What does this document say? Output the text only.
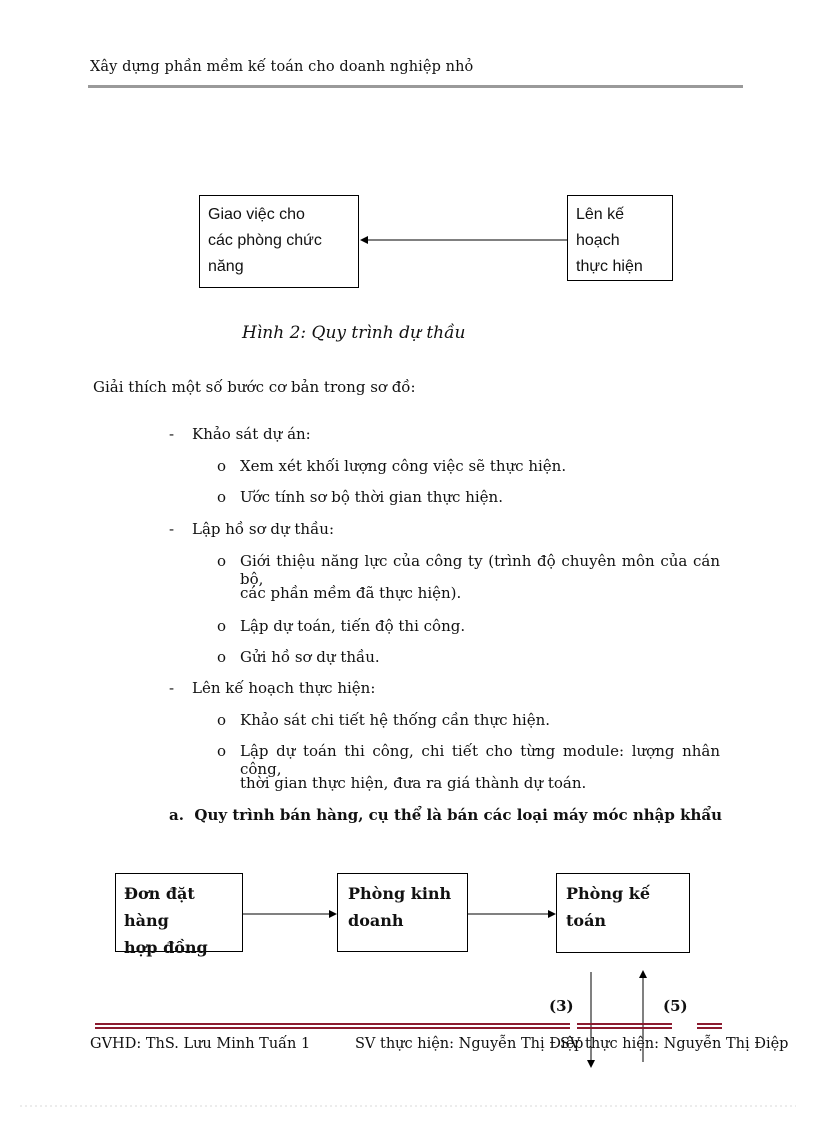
Xây dựng phần mềm kế toán cho doanh nghiệp nhỏ
Giao việc cho
các phòng chức
năng
Lên kế
hoạch
thực hiện
Hình 2: Quy trình dự thầu
Giải thích một số bước cơ bản trong sơ đồ:
- Khảo sát dự án:
o Xem xét khối lượng công việc sẽ thực hiện.
o Ước tính sơ bộ thời gian thực hiện.
- Lập hồ sơ dự thầu:
o Giới thiệu năng lực của công ty (trình độ chuyên môn của cán bộ,
các phần mềm đã thực hiện).
o Lập dự toán, tiến độ thi công.
o Gửi hồ sơ dự thầu.
- Lên kế hoạch thực hiện:
o Khảo sát chi tiết hệ thống cần thực hiện.
o Lập dự toán thi công, chi tiết cho từng module: lượng nhân công,
thời gian thực hiện, đưa ra giá thành dự toán.
a. Quy trình bán hàng, cụ thể là bán các loại máy móc nhập khẩu
Đơn đặt hàng
hợp đồng
Phòng kinh
doanh
Phòng kế toán
(3)	(5)
GVHD: ThS. Lưu Minh Tuấn 1	SV thực hiện: Nguyễn Thị Điệp
SV thực hiện: Nguyễn Thị Điệp
